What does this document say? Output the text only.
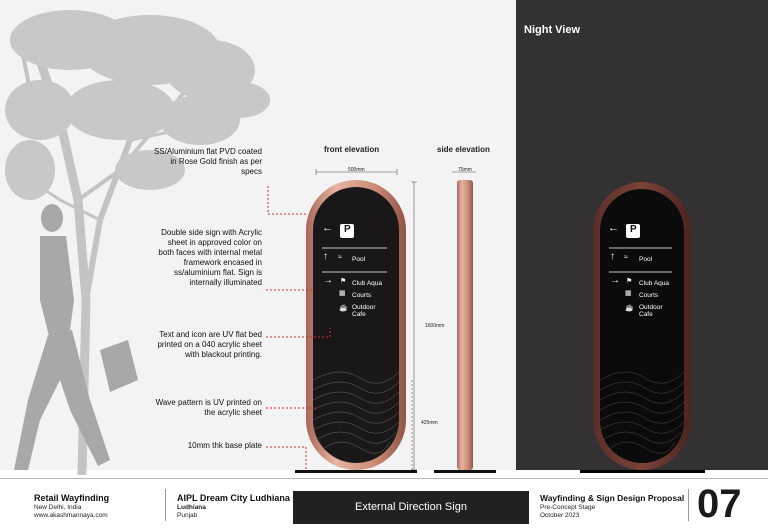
Night View
front elevation	side elevation
500mm	75mm
1600mm
425mm
← P
↑ ≈ Pool
→ ⚑ Club Aqua
▦ Courts
☕ Outdoor
Cafe
← P
↑ ≈ Pool
→ ⚑ Club Aqua
▦ Courts
☕ Outdoor
Cafe
SS/Aluminium flat PVD coated in Rose Gold finish as per specs
Double side sign with Acrylic sheet in approved color on both faces with internal metal framework encased in ss/aluminium flat. Sign is internally illuminated
Text and icon are UV flat bed printed on a 040 acrylic sheet with blackout printing.
Wave pattern is UV printed on the acrylic sheet
10mm thk base plate
Retail Wayfinding
New Delhi, India
www.akashmannaya.com
AIPL Dream City Ludhiana
Ludhiana
Punjab
External Direction Sign
Wayfinding & Sign Design Proposal
Pre-Concept Stage
October 2023	07
